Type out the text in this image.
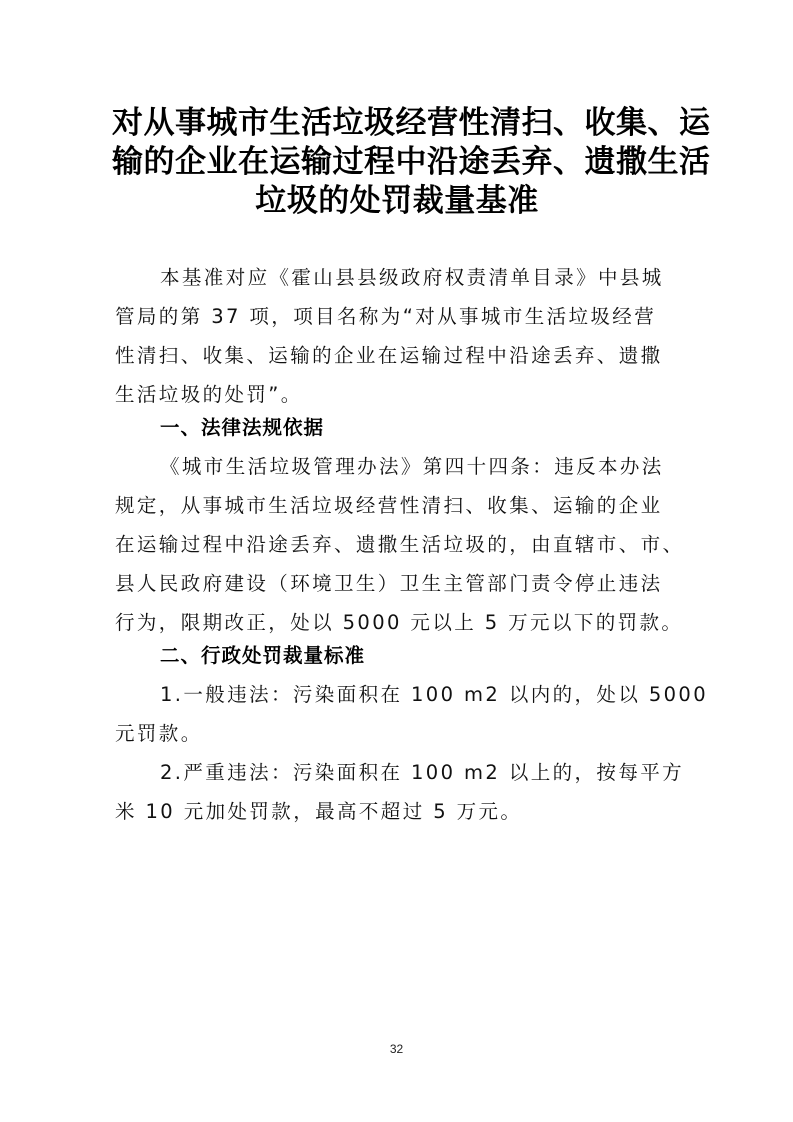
对从事城市生活垃圾经营性清扫、收集、运
输的企业在运输过程中沿途丢弃、遗撒生活
垃圾的处罚裁量基准

本基准对应《霍山县县级政府权责清单目录》中县城
管局的第 37 项，项目名称为“对从事城市生活垃圾经营
性清扫、收集、运输的企业在运输过程中沿途丢弃、遗撒
生活垃圾的处罚”。

一、法律法规依据

《城市生活垃圾管理办法》第四十四条：违反本办法
规定，从事城市生活垃圾经营性清扫、收集、运输的企业
在运输过程中沿途丢弃、遗撒生活垃圾的，由直辖市、市、
县人民政府建设（环境卫生）卫生主管部门责令停止违法
行为，限期改正，处以 5000 元以上 5 万元以下的罚款。

二、行政处罚裁量标准

1.一般违法：污染面积在 100 m2 以内的，处以 5000
元罚款。

2.严重违法：污染面积在 100 m2 以上的，按每平方
米 10 元加处罚款，最高不超过 5 万元。

32
